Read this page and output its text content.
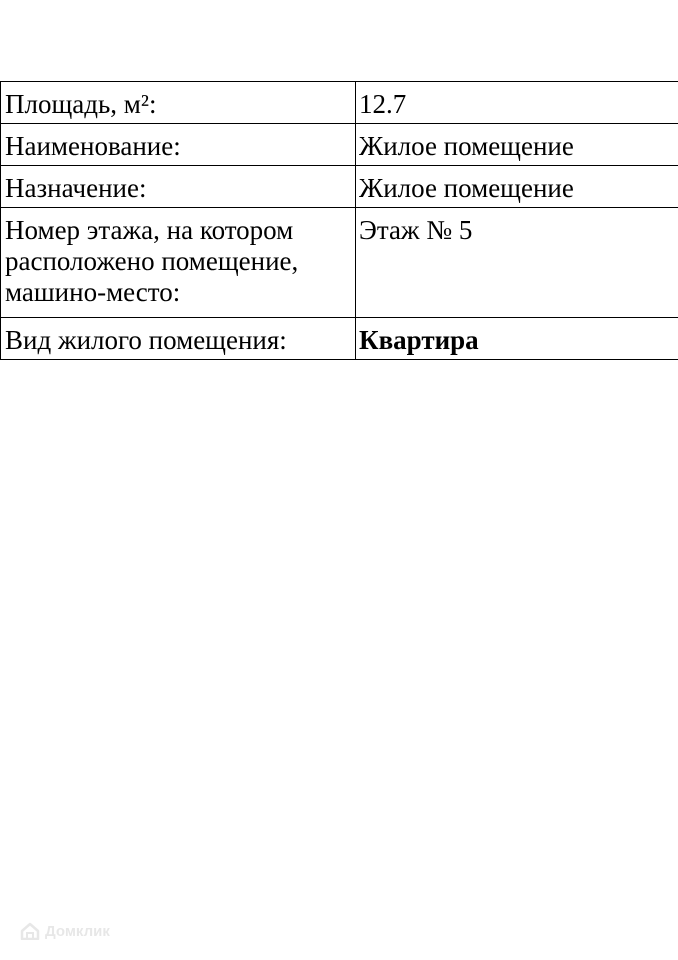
Площадь, м²:	12.7
Наименование:	Жилое помещение
Назначение:	Жилое помещение
Номер этажа, на котором расположено помещение, машино-место:	Этаж № 5
Вид жилого помещения:	Квартира
Домклик
